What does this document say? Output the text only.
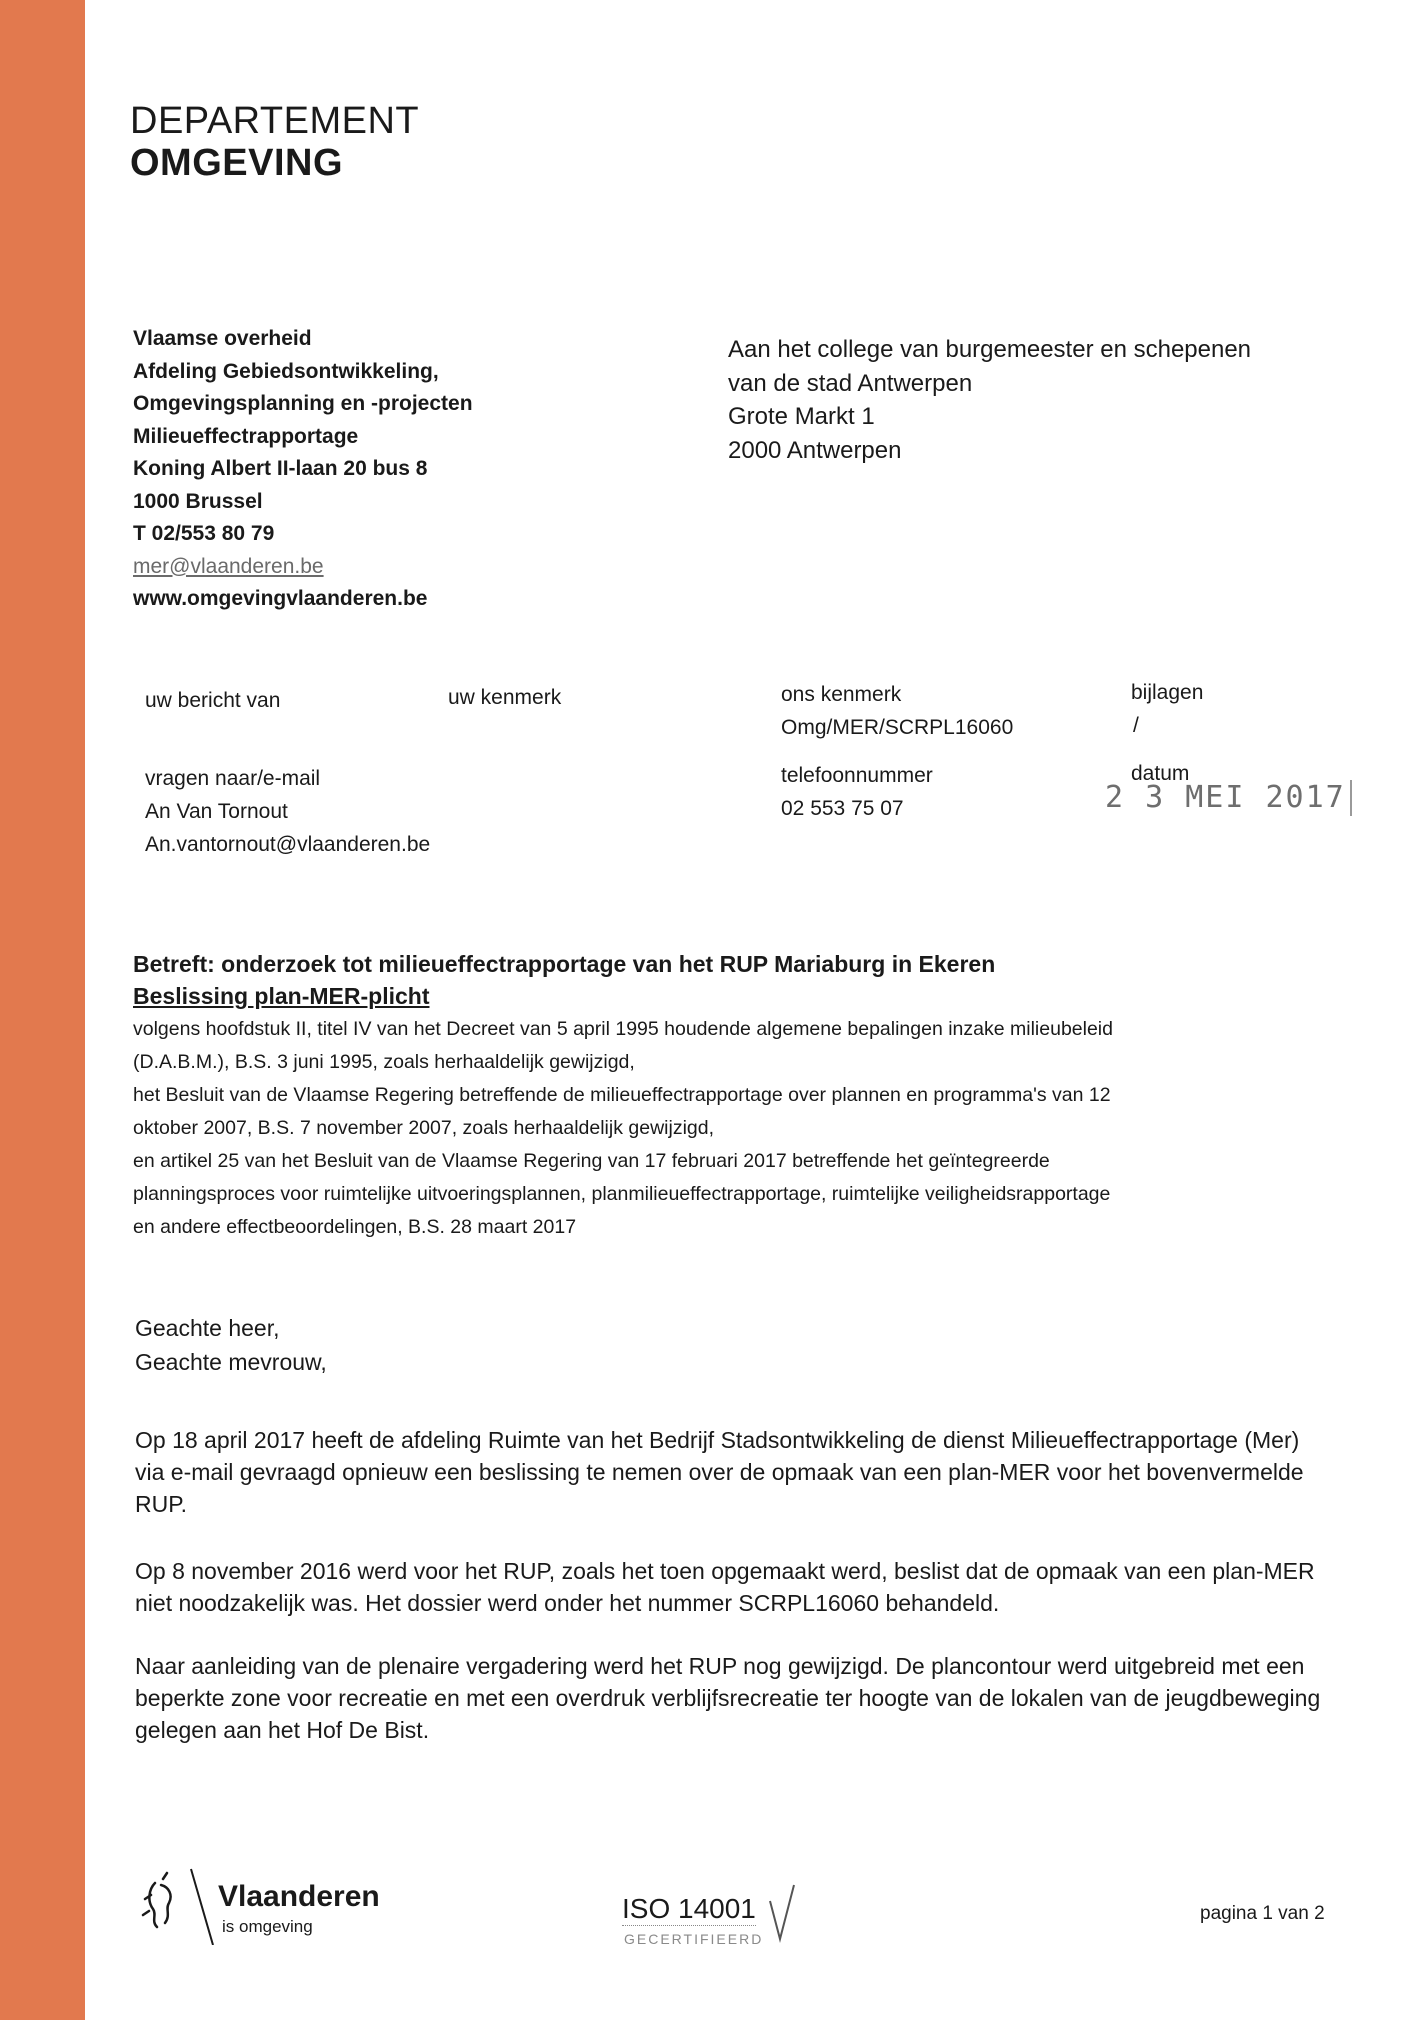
DEPARTEMENT
OMGEVING
Vlaamse overheid
Afdeling Gebiedsontwikkeling,
Omgevingsplanning en -projecten
Milieueffectrapportage
Koning Albert II-laan 20 bus 8
1000 Brussel
T 02/553 80 79
mer@vlaanderen.be
www.omgevingvlaanderen.be
Aan het college van burgemeester en schepenen
van de stad Antwerpen
Grote Markt 1
2000 Antwerpen
uw bericht van	uw kenmerk	ons kenmerk
Omg/MER/SCRPL16060
bijlagen
/
vragen naar/e-mail
An Van Tornout
An.vantornout@vlaanderen.be
telefoonnummer
02 553 75 07
datum
2 3 MEI 2017
Betreft: onderzoek tot milieueffectrapportage van het RUP Mariaburg in Ekeren
Beslissing plan-MER-plicht
volgens hoofdstuk II, titel IV van het Decreet van 5 april 1995 houdende algemene bepalingen inzake milieubeleid
(D.A.B.M.), B.S. 3 juni 1995, zoals herhaaldelijk gewijzigd,
het Besluit van de Vlaamse Regering betreffende de milieueffectrapportage over plannen en programma's van 12
oktober 2007, B.S. 7 november 2007, zoals herhaaldelijk gewijzigd,
en artikel 25 van het Besluit van de Vlaamse Regering van 17 februari 2017 betreffende het geïntegreerde
planningsproces voor ruimtelijke uitvoeringsplannen, planmilieueffectrapportage, ruimtelijke veiligheidsrapportage
en andere effectbeoordelingen, B.S. 28 maart 2017
Geachte heer,
Geachte mevrouw,

Op 18 april 2017 heeft de afdeling Ruimte van het Bedrijf Stadsontwikkeling de dienst Milieueffectrapportage (Mer) via e-mail gevraagd opnieuw een beslissing te nemen over de opmaak van een plan-MER voor het bovenvermelde RUP.

Op 8 november 2016 werd voor het RUP, zoals het toen opgemaakt werd, beslist dat de opmaak van een plan-MER niet noodzakelijk was. Het dossier werd onder het nummer SCRPL16060 behandeld.

Naar aanleiding van de plenaire vergadering werd het RUP nog gewijzigd. De plancontour werd uitgebreid met een beperkte zone voor recreatie en met een overdruk verblijfsrecreatie ter hoogte van de lokalen van de jeugdbeweging gelegen aan het Hof De Bist.

Vlaanderen
is omgeving
ISO 14001
GECERTIFIEERD
pagina 1 van 2
